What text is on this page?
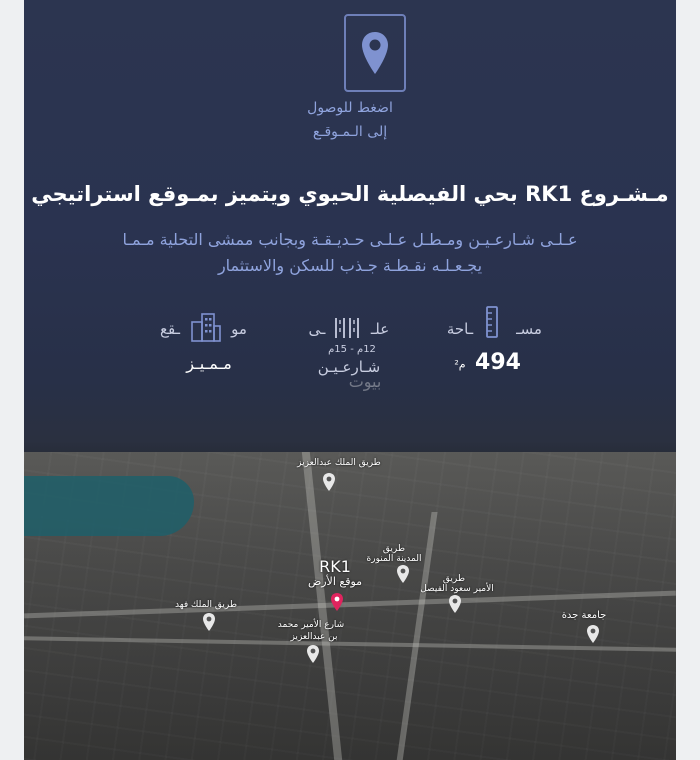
اضغط للوصول
إلى الـمـوقـع
مـشـروع RK1 بحي الفيصلية الحيوي ويتميز بمـوقع استراتيجي
عـلـى شـارعـيـن ومـطـل عـلـى حـديـقـة وبجانب ممشى التحلية مـمـا
يجـعـلـه نقـطـة جـذب للسكن والاستثمار
مسـ
ـاحة
494
م²
علـ
ـى
12م - 15م
شـارعـيـن
بيوت
مو
ـقع
مـمـيـز
طريق الملك عبدالعزيز
طريق
المدينة المنورة
طريق
الأمير سعود الفيصل
RK1
موقع الأرض
طريق الملك فهد
جامعة جدة
شارع الأمير محمد
بن عبدالعزيز
